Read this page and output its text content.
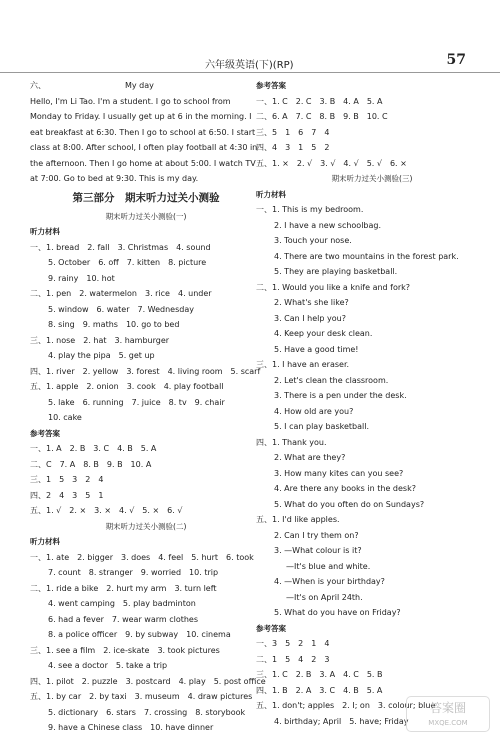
六年级英语(下)(RP)	57
六、	My day

Hello, I'm Li Tao. I'm a student. I go to school from Monday to Friday. I usually get up at 6 in the morning. I eat breakfast at 6:30. Then I go to school at 6:50. I start class at 8:00. After school, I often play football at 4:30 in the afternoon. Then I go home at about 5:00. I watch TV at 7:00. Go to bed at 9:30. This is my day.

第三部分　期末听力过关小测验
期末听力过关小测验(一)
听力材料
一、1. bread　2. fall　3. Christmas　4. sound
5. October　6. off　7. kitten　8. picture
9. rainy　10. hot
二、1. pen　2. watermelon　3. rice　4. under
5. window　6. water　7. Wednesday
8. sing　9. maths　10. go to bed
三、1. nose　2. hat　3. hamburger
4. play the pipa　5. get up
四、1. river　2. yellow　3. forest　4. living room　5. scarf
五、1. apple　2. onion　3. cook　4. play football
5. lake　6. running　7. juice　8. tv　9. chair
10. cake
参考答案
一、1. A　2. B　3. C　4. B　5. A
二、C　7. A　8. B　9. B　10. A
三、1　5　3　2　4
四、2　4　3　5　1
五、1. √　2. ×　3. ×　4. √　5. ×　6. √
期末听力过关小测验(二)
听力材料
一、1. ate　2. bigger　3. does　4. feel　5. hurt　6. took
7. count　8. stranger　9. worried　10. trip
二、1. ride a bike　2. hurt my arm　3. turn left
4. went camping　5. play badminton
6. had a fever　7. wear warm clothes
8. a police officer　9. by subway　10. cinema
三、1. see a film　2. ice-skate　3. took pictures
4. see a doctor　5. take a trip
四、1. pilot　2. puzzle　3. postcard　4. play　5. post office
五、1. by car　2. by taxi　3. museum　4. draw pictures
5. dictionary　6. stars　7. crossing　8. storybook
9. have a Chinese class　10. have dinner
参考答案
一、1. C　2. C　3. B　4. A　5. A
二、6. A　7. C　8. B　9. B　10. C
三、5　1　6　7　4
四、4　3　1　5　2
五、1. ×　2. √　3. √　4. √　5. √　6. ×
期末听力过关小测验(三)
听力材料
一、1. This is my bedroom.
2. I have a new schoolbag.
3. Touch your nose.
4. There are two mountains in the forest park.
5. They are playing basketball.
二、1. Would you like a knife and fork?
2. What's she like?
3. Can I help you?
4. Keep your desk clean.
5. Have a good time!
三、1. I have an eraser.
2. Let's clean the classroom.
3. There is a pen under the desk.
4. How old are you?
5. I can play basketball.
四、1. Thank you.
2. What are they?
3. How many kites can you see?
4. Are there any books in the desk?
5. What do you often do on Sundays?
五、1. I'd like apples.
2. Can I try them on?
3. —What colour is it?
—It's blue and white.
4. —When is your birthday?
—It's on April 24th.
5. What do you have on Friday?
参考答案
一、3　5　2　1　4
二、1　5　4　2　3
三、1. C　2. B　3. A　4. C　5. B
四、1. B　2. A　3. C　4. B　5. A
五、1. don't; apples　2. I; on　3. colour; blue
4. birthday; April　5. have; Friday
答案圈
MXQE.COM
